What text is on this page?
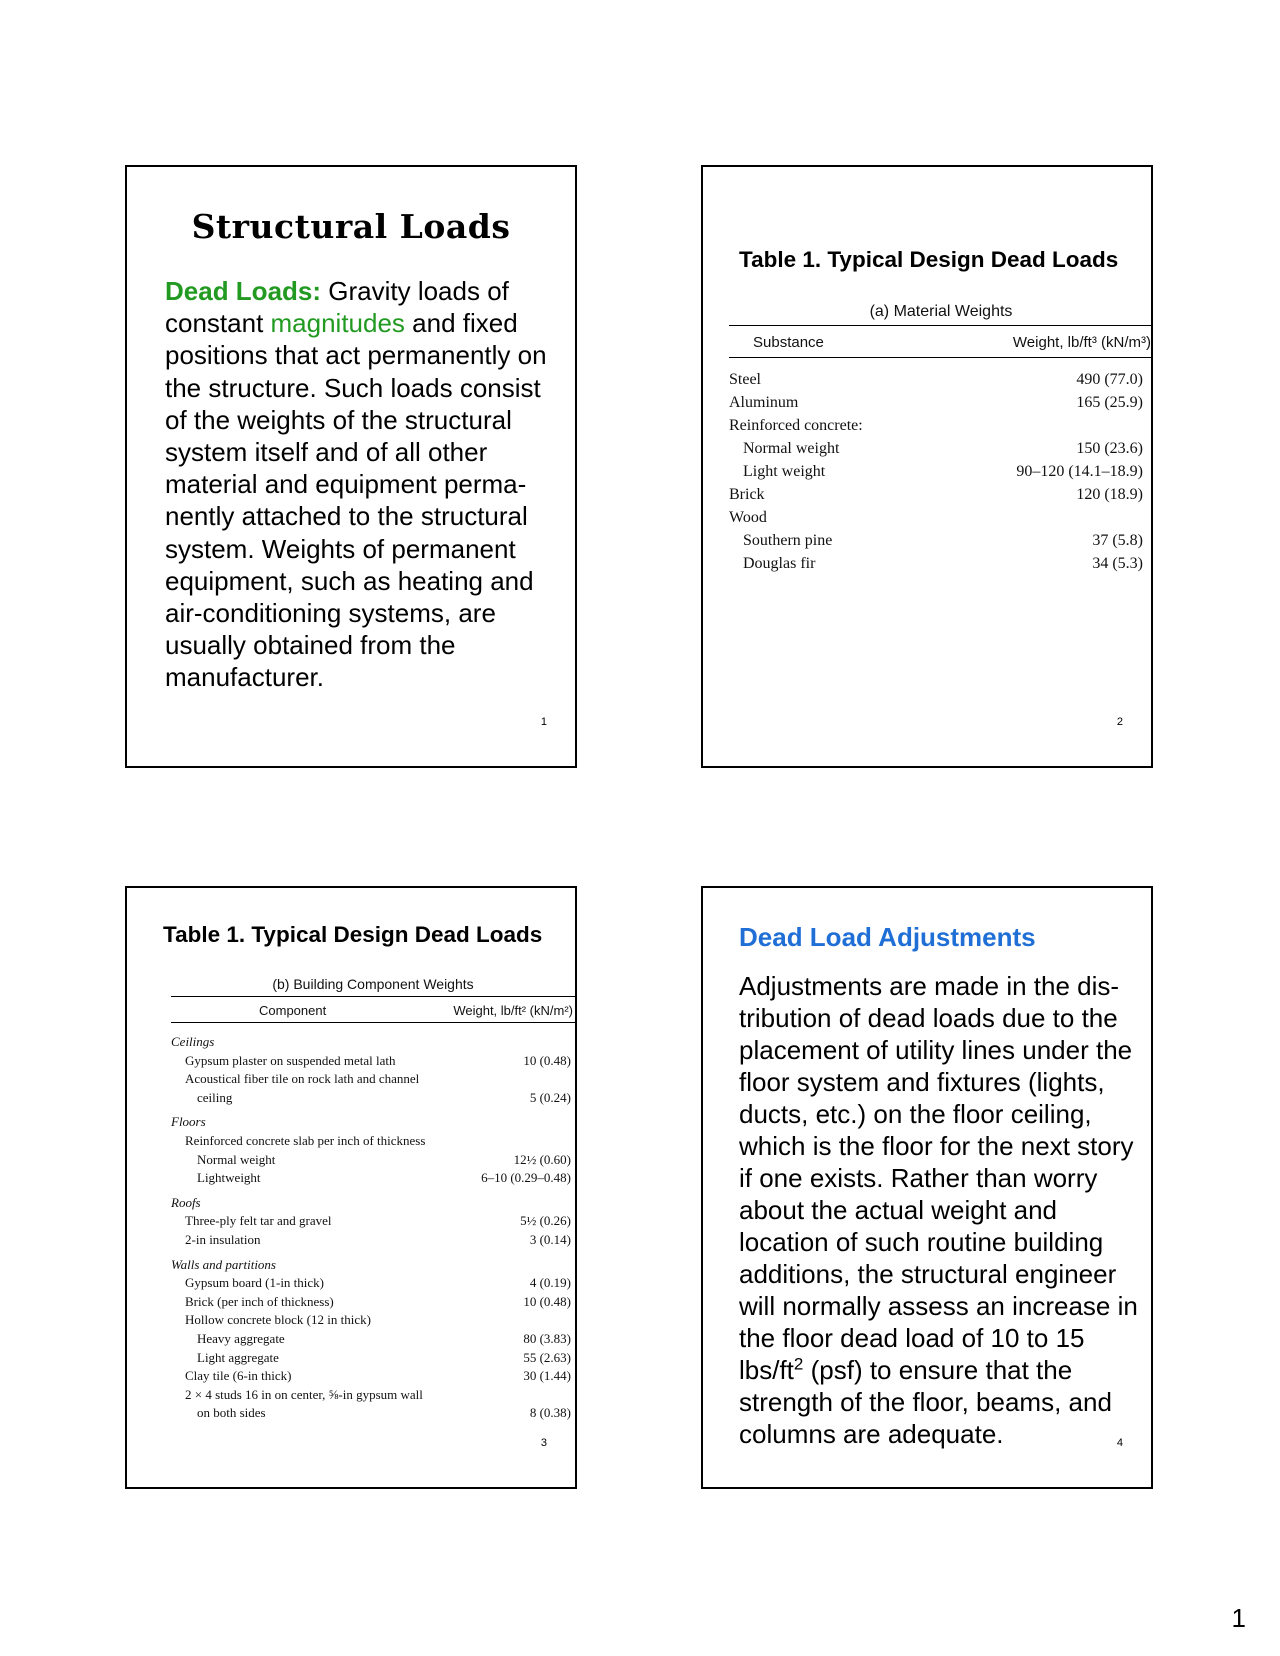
Structural Loads
Dead Loads: Gravity loads of constant magnitudes and fixed positions that act permanently on the structure. Such loads consist of the weights of the structural system itself and of all other material and equipment perma-nently attached to the structural system. Weights of permanent equipment, such as heating and air-conditioning systems, are usually obtained from the manufacturer.
1
Table 1. Typical Design Dead Loads
(a) Material Weights
Substance	Weight, lb/ft³ (kN/m³)
Steel	490 (77.0)
Aluminum	165 (25.9)
Reinforced concrete:
Normal weight	150 (23.6)
Light weight	90–120 (14.1–18.9)
Brick	120 (18.9)
Wood
Southern pine	37 (5.8)
Douglas fir	34 (5.3)
2
Table 1. Typical Design Dead Loads
(b) Building Component Weights
Component	Weight, lb/ft² (kN/m²)
Ceilings
Gypsum plaster on suspended metal lath	10 (0.48)
Acoustical fiber tile on rock lath and channel
ceiling	5 (0.24)
Floors
Reinforced concrete slab per inch of thickness
Normal weight	12½ (0.60)
Lightweight	6–10 (0.29–0.48)
Roofs
Three-ply felt tar and gravel	5½ (0.26)
2-in insulation	3 (0.14)
Walls and partitions
Gypsum board (1-in thick)	4 (0.19)
Brick (per inch of thickness)	10 (0.48)
Hollow concrete block (12 in thick)
Heavy aggregate	80 (3.83)
Light aggregate	55 (2.63)
Clay tile (6-in thick)	30 (1.44)
2 × 4 studs 16 in on center, ⅝-in gypsum wall
on both sides	8 (0.38)
3
Dead Load Adjustments
Adjustments are made in the dis-tribution of dead loads due to the placement of utility lines under the floor system and fixtures (lights, ducts, etc.) on the floor ceiling, which is the floor for the next story if one exists. Rather than worry about the actual weight and location of such routine building additions, the structural engineer will normally assess an increase in the floor dead load of 10 to 15 lbs/$ft^2$ (psf) to ensure that the strength of the floor, beams, and columns are adequate.	4
1
